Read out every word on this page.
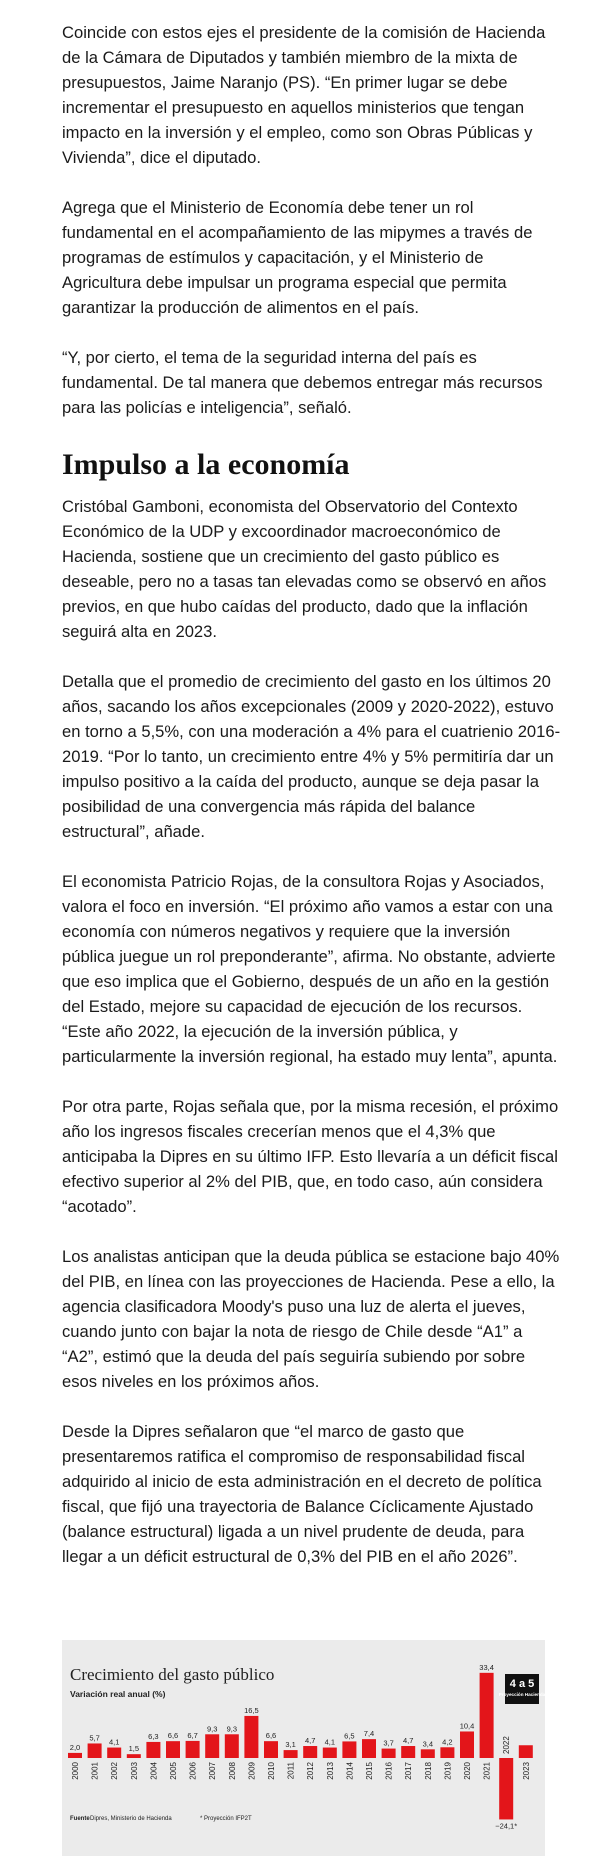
Coincide con estos ejes el presidente de la comisión de Hacienda de la Cámara de Diputados y también miembro de la mixta de presupuestos, Jaime Naranjo (PS). “En primer lugar se debe incrementar el presupuesto en aquellos ministerios que tengan impacto en la inversión y el empleo, como son Obras Públicas y Vivienda”, dice el diputado.

Agrega que el Ministerio de Economía debe tener un rol fundamental en el acompañamiento de las mipymes a través de programas de estímulos y capacitación, y el Ministerio de Agricultura debe impulsar un programa especial que permita garantizar la producción de alimentos en el país.

“Y, por cierto, el tema de la seguridad interna del país es fundamental. De tal manera que debemos entregar más recursos para las policías e inteligencia”, señaló.

Impulso a la economía

Cristóbal Gamboni, economista del Observatorio del Contexto Económico de la UDP y excoordinador macroeconómico de Hacienda, sostiene que un crecimiento del gasto público es deseable, pero no a tasas tan elevadas como se observó en años previos, en que hubo caídas del producto, dado que la inflación seguirá alta en 2023.

Detalla que el promedio de crecimiento del gasto en los últimos 20 años, sacando los años excepcionales (2009 y 2020-2022), estuvo en torno a 5,5%, con una moderación a 4% para el cuatrienio 2016-2019. “Por lo tanto, un crecimiento entre 4% y 5% permitiría dar un impulso positivo a la caída del producto, aunque se deja pasar la posibilidad de una convergencia más rápida del balance estructural”, añade.

El economista Patricio Rojas, de la consultora Rojas y Asociados, valora el foco en inversión. “El próximo año vamos a estar con una economía con números negativos y requiere que la inversión pública juegue un rol preponderante”, afirma. No obstante, advierte que eso implica que el Gobierno, después de un año en la gestión del Estado, mejore su capacidad de ejecución de los recursos. “Este año 2022, la ejecución de la inversión pública, y particularmente la inversión regional, ha estado muy lenta”, apunta.

Por otra parte, Rojas señala que, por la misma recesión, el próximo año los ingresos fiscales crecerían menos que el 4,3% que anticipaba la Dipres en su último IFP. Esto llevaría a un déficit fiscal efectivo superior al 2% del PIB, que, en todo caso, aún considera “acotado”.

Los analistas anticipan que la deuda pública se estacione bajo 40% del PIB, en línea con las proyecciones de Hacienda. Pese a ello, la agencia clasificadora Moody's puso una luz de alerta el jueves, cuando junto con bajar la nota de riesgo de Chile desde “A1” a “A2”, estimó que la deuda del país seguiría subiendo por sobre esos niveles en los próximos años.

Desde la Dipres señalaron que “el marco de gasto que presentaremos ratifica el compromiso de responsabilidad fiscal adquirido al inicio de esta administración en el decreto de política fiscal, que fijó una trayectoria de Balance Cíclicamente Ajustado (balance estructural) ligada a un nivel prudente de deuda, para llegar a un déficit estructural de 0,3% del PIB en el año 2026”.

Crecimiento del gasto público
Variación real anual (%)
2,0
2000
5,7
2001
4,1
2002
1,5
2003
6,3
2004
6,6
2005
6,7
2006
9,3
2007
9,3
2008
16,5
2009
6,6
2010
3,1
2011
4,7
2012
4,1
2013
6,5
2014
7,4
2015
3,7
2016
4,7
2017
3,4
2018
4,2
2019
10,4
2020
33,4
2021
−24,1*
2022
2023
4 a 5
Proyección Hacienda
Fuente Dipres, Ministerio de Hacienda	* Proyección IFP2T
